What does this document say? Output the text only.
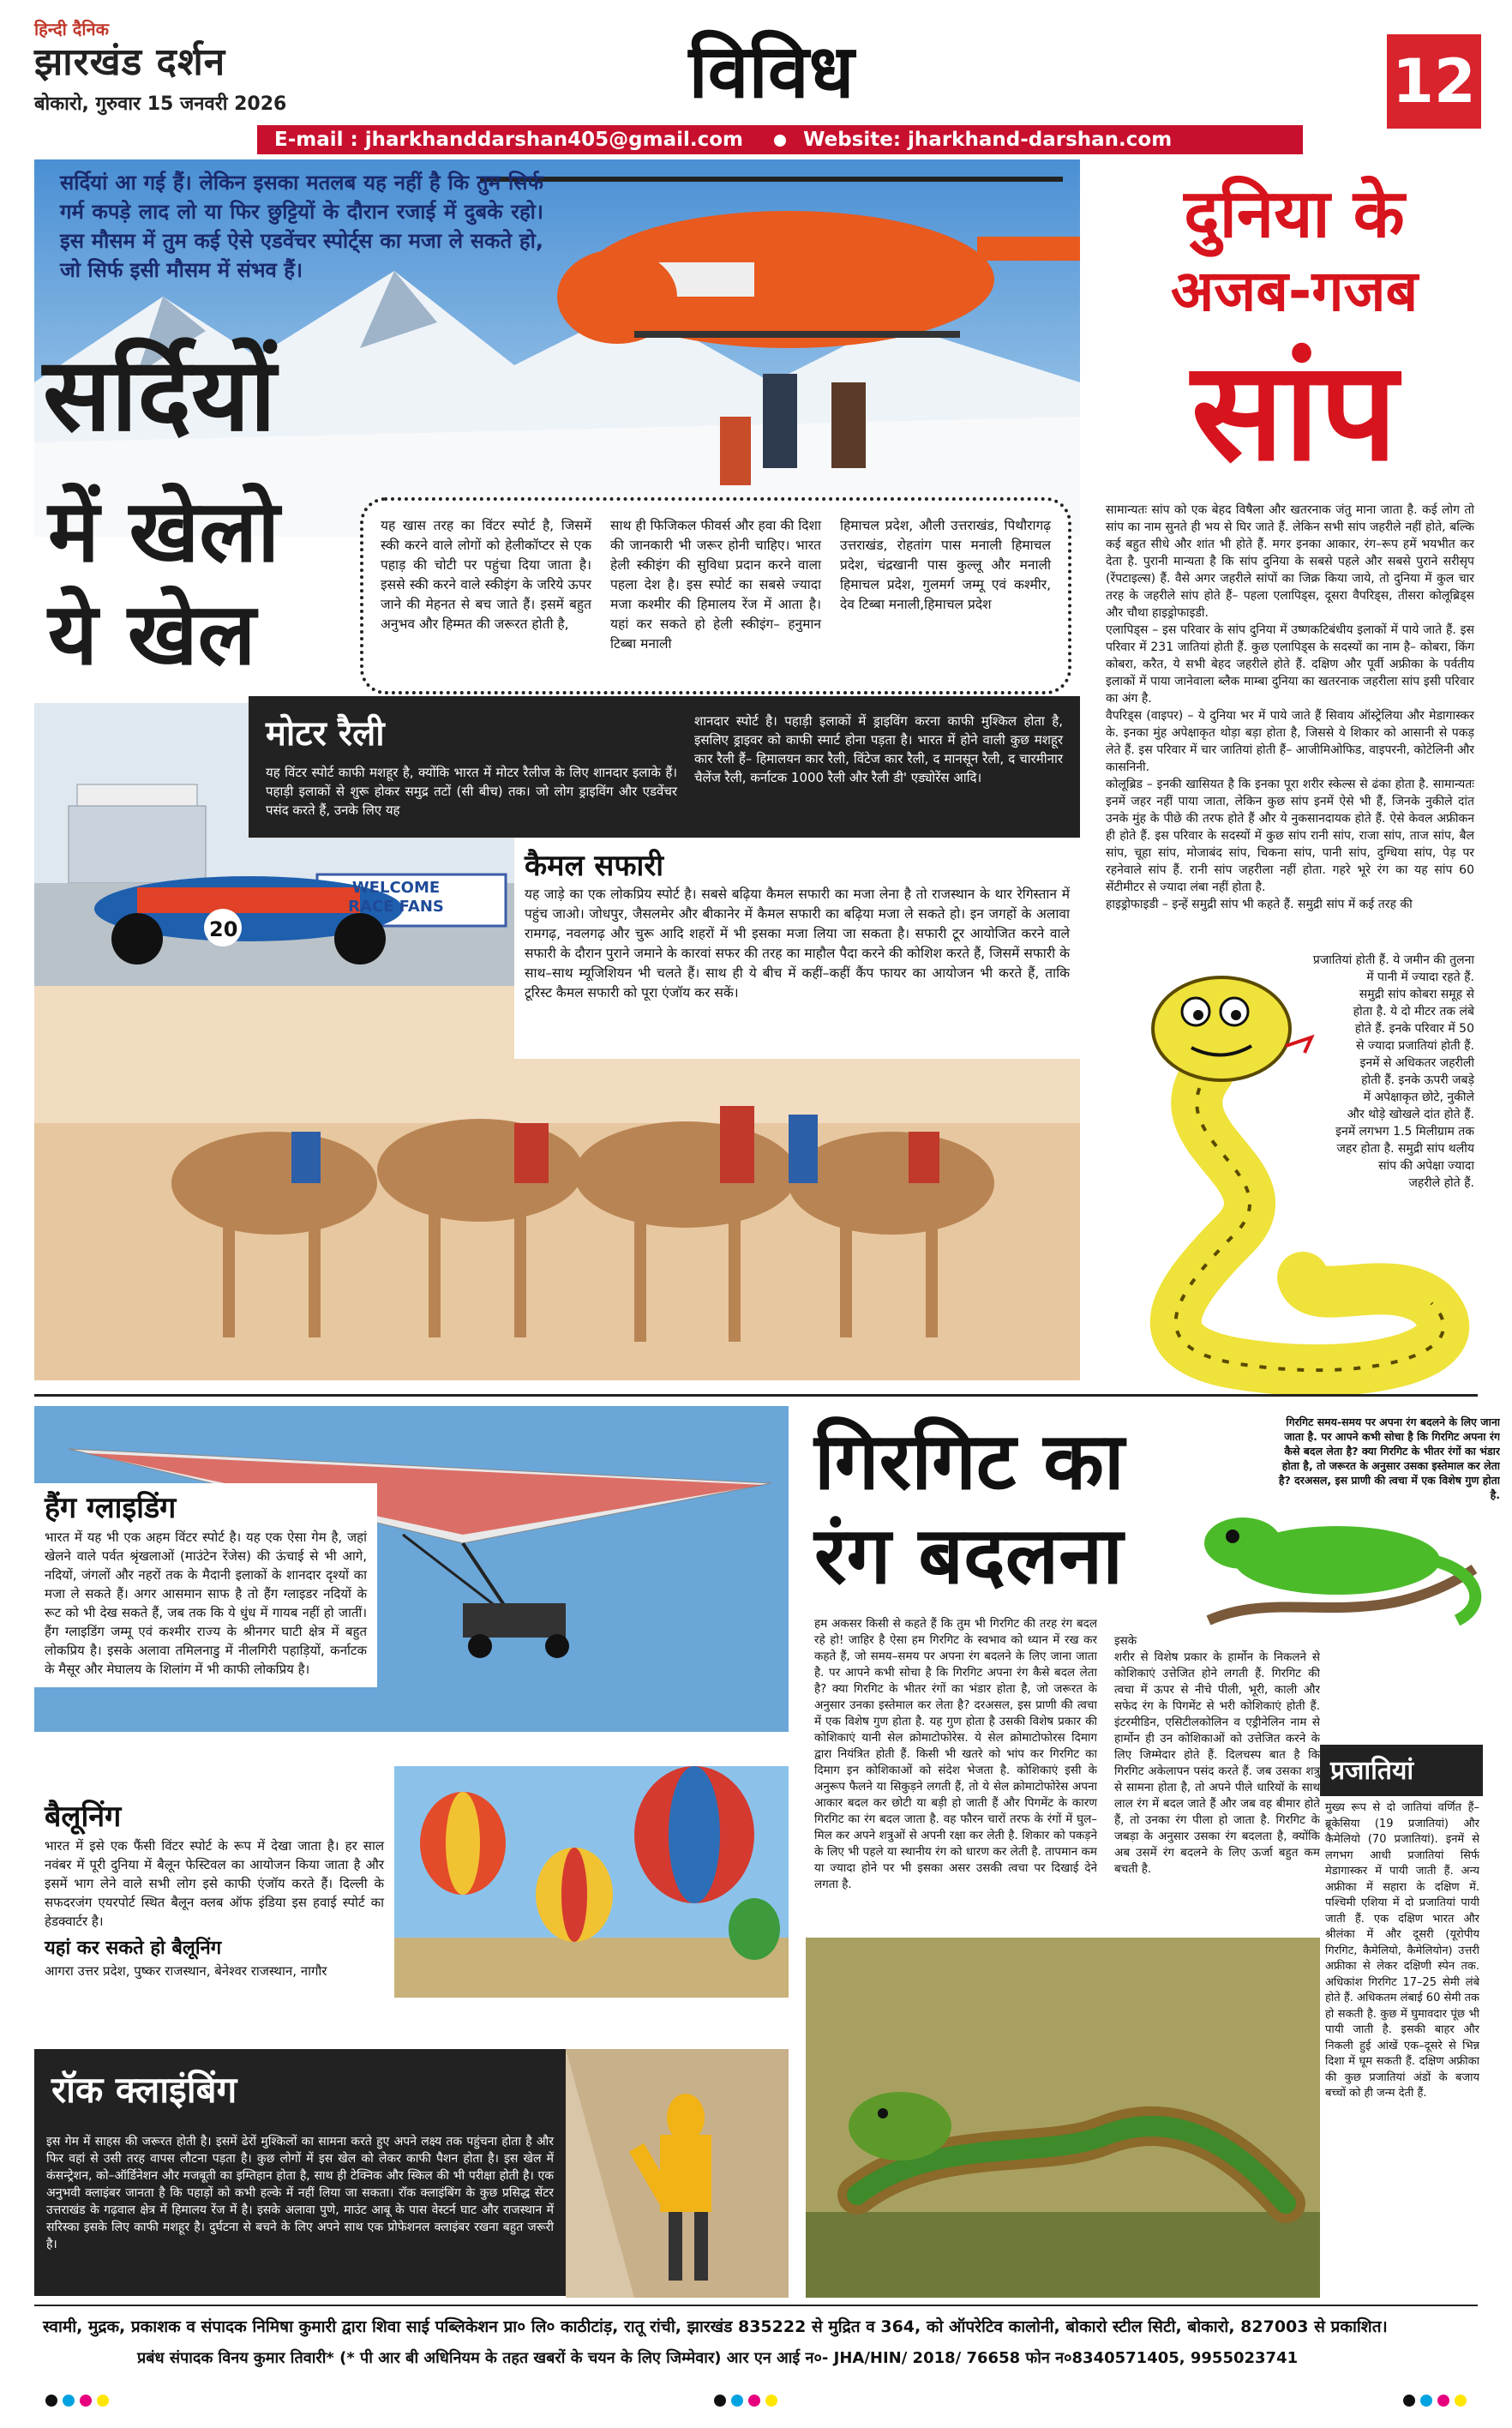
हिन्दी दैनिक
झारखंड दर्शन
बोकारो, गुरुवार 15 जनवरी 2026	विविध	12
E-mail : jharkhanddarshan405@gmail.com	Website: jharkhand-darshan.com

सर्दियां आ गई हैं। लेकिन इसका मतलब यह नहीं है कि तुम सिर्फ गर्म कपड़े लाद लो या फिर छुट्टियों के दौरान रजाई में दुबके रहो। इस मौसम में तुम कई ऐसे एडवेंचर स्पोर्ट्स का मजा ले सकते हो, जो सिर्फ इसी मौसम में संभव हैं।

सर्दियों
में खेलो
ये खेल

यह खास तरह का विंटर स्पोर्ट है, जिसमें स्की करने वाले लोगों को हेलीकॉप्टर से एक पहाड़ की चोटी पर पहुंचा दिया जाता है। इससे स्की करने वाले स्कीइंग के जरिये ऊपर जाने की मेहनत से बच जाते हैं। इसमें बहुत अनुभव और हिम्मत की जरूरत होती है,

साथ ही फिजिकल फीवर्स और हवा की दिशा की जानकारी भी जरूर होनी चाहिए। भारत हेली स्कीइंग की सुविधा प्रदान करने वाला पहला देश है। इस स्पोर्ट का सबसे ज्यादा मजा कश्मीर की हिमालय रेंज में आता है। यहां कर सकते हो हेली स्कीइंग– हनुमान टिब्बा मनाली

हिमाचल प्रदेश, औली उत्तराखंड, पिथौरागढ़ उत्तराखंड, रोहतांग पास मनाली हिमाचल प्रदेश, चंद्रखानी पास कुल्लू और मनाली हिमाचल प्रदेश, गुलमर्ग जम्मू एवं कश्मीर, देव टिब्बा मनाली,हिमाचल प्रदेश

WELCOME RACE FANS
20
मोटर रैली

यह विंटर स्पोर्ट काफी मशहूर है, क्योंकि भारत में मोटर रैलीज के लिए शानदार इलाके हैं। पहाड़ी इलाकों से शुरू होकर समुद्र तटों (सी बीच) तक। जो लोग ड्राइविंग और एडवेंचर पसंद करते हैं, उनके लिए यह

शानदार स्पोर्ट है। पहाड़ी इलाकों में ड्राइविंग करना काफी मुश्किल होता है, इसलिए ड्राइवर को काफी स्मार्ट होना पड़ता है। भारत में होने वाली कुछ मशहूर कार रैली हैं– हिमालयन कार रैली, विंटेज कार रैली, द मानसून रैली, द चारमीनार चैलेंज रैली, कर्नाटक 1000 रैली और रैली डी' एड्योरेंस आदि।

कैमल सफारी

यह जाड़े का एक लोकप्रिय स्पोर्ट है। सबसे बढ़िया कैमल सफारी का मजा लेना है तो राजस्थान के थार रेगिस्तान में पहुंच जाओ। जोधपुर, जैसलमेर और बीकानेर में कैमल सफारी का बढ़िया मजा ले सकते हो। इन जगहों के अलावा रामगढ़, नवलगढ़ और चुरू आदि शहरों में भी इसका मजा लिया जा सकता है। सफारी टूर आयोजित करने वाले सफारी के दौरान पुराने जमाने के कारवां सफर की तरह का माहौल पैदा करने की कोशिश करते हैं, जिसमें सफारी के साथ–साथ म्यूजिशियन भी चलते हैं। साथ ही ये बीच में कहीं–कहीं कैंप फायर का आयोजन भी करते हैं, ताकि टूरिस्ट कैमल सफारी को पूरा एंजॉय कर सकें।

दुनिया के
अजब-गजब
सांप

सामान्यतः सांप को एक बेहद विषैला और खतरनाक जंतु माना जाता है. कई लोग तो सांप का नाम सुनते ही भय से घिर जाते हैं. लेकिन सभी सांप जहरीले नहीं होते, बल्कि कई बहुत सीधे और शांत भी होते हैं. मगर इनका आकार, रंग–रूप हमें भयभीत कर देता है. पुरानी मान्यता है कि सांप दुनिया के सबसे पहले और सबसे पुराने सरीसृप (रेंपटाइल्स) हैं. वैसे अगर जहरीले सांपों का जिक्र किया जाये, तो दुनिया में कुल चार तरह के जहरीले सांप होते हैं– पहला एलापिड्स, दूसरा वैपरिड्स, तीसरा कोलूब्रिड्स और चौथा हाइड्रोफाइडी.

एलापिड्स – इस परिवार के सांप दुनिया में उष्णकटिबंधीय इलाकों में पाये जाते हैं. इस परिवार में 231 जातियां होती हैं. कुछ एलापिड्स के सदस्यों का नाम है– कोबरा, किंग कोबरा, करैत, ये सभी बेहद जहरीले होते हैं. दक्षिण और पूर्वी अफ्रीका के पर्वतीय इलाकों में पाया जानेवाला ब्लैक माम्बा दुनिया का खतरनाक जहरीला सांप इसी परिवार का अंग है.

वैपरिड्स (वाइपर) – ये दुनिया भर में पाये जाते हैं सिवाय ऑस्ट्रेलिया और मेडागास्कर के. इनका मुंह अपेक्षाकृत थोड़ा बड़ा होता है, जिससे ये शिकार को आसानी से पकड़ लेते हैं. इस परिवार में चार जातियां होती हैं– आजीमिओफिड, वाइपरनी, कोटेलिनी और कासनिनी.

कोलूब्रिड – इनकी खासियत है कि इनका पूरा शरीर स्केल्स से ढंका होता है. सामान्यतः इनमें जहर नहीं पाया जाता, लेकिन कुछ सांप इनमें ऐसे भी हैं, जिनके नुकीले दांत उनके मुंह के पीछे की तरफ होते हैं और ये नुकसानदायक होते हैं. ऐसे केवल अफ्रीकन ही होते हैं. इस परिवार के सदस्यों में कुछ सांप रानी सांप, राजा सांप, ताज सांप, बैल सांप, चूहा सांप, मोजाबंद सांप, चिकना सांप, पानी सांप, दुग्धिया सांप, पेड़ पर रहनेवाले सांप हैं. रानी सांप जहरीला नहीं होता. गहरे भूरे रंग का यह सांप 60 सेंटीमीटर से ज्यादा लंबा नहीं होता है.

हाइड्रोफाइडी – इन्हें समुद्री सांप भी कहते हैं. समुद्री सांप में कई तरह की

प्रजातियां होती हैं. ये जमीन की तुलना
में पानी में ज्यादा रहते हैं.
समुद्री सांप कोबरा समूह से
होता है. ये दो मीटर तक लंबे
होते हैं. इनके परिवार में 50
से ज्यादा प्रजातियां होती हैं.
इनमें से अधिकतर जहरीली
होती हैं. इनके ऊपरी जबड़े
में अपेक्षाकृत छोटे, नुकीले
और थोड़े खोखले दांत होते हैं.
इनमें लगभग 1.5 मिलीग्राम तक
जहर होता है. समुद्री सांप थलीय
सांप की अपेक्षा ज्यादा
जहरीले होते हैं.
हैंग ग्लाइडिंग

भारत में यह भी एक अहम विंटर स्पोर्ट है। यह एक ऐसा गेम है, जहां खेलने वाले पर्वत श्रृंखलाओं (माउंटेन रेंजेस) की ऊंचाई से भी आगे, नदियों, जंगलों और नहरों तक के मैदानी इलाकों के शानदार दृश्यों का मजा ले सकते हैं। अगर आसमान साफ है तो हैंग ग्लाइडर नदियों के रूट को भी देख सकते हैं, जब तक कि ये धुंध में गायब नहीं हो जातीं। हैंग ग्लाइडिंग जम्मू एवं कश्मीर राज्य के श्रीनगर घाटी क्षेत्र में बहुत लोकप्रिय है। इसके अलावा तमिलनाडु में नीलगिरी पहाड़ियों, कर्नाटक के मैसूर और मेघालय के शिलांग में भी काफी लोकप्रिय है।

बैलूनिंग

भारत में इसे एक फैंसी विंटर स्पोर्ट के रूप में देखा जाता है। हर साल नवंबर में पूरी दुनिया में बैलून फेस्टिवल का आयोजन किया जाता है और इसमें भाग लेने वाले सभी लोग इसे काफी एंजॉय करते हैं। दिल्ली के सफदरजंग एयरपोर्ट स्थित बैलून क्लब ऑफ इंडिया इस हवाई स्पोर्ट का हेडक्वार्टर है।

यहां कर सकते हो बैलूनिंग

आगरा उत्तर प्रदेश, पुष्कर राजस्थान, बेनेश्वर राजस्थान, नागौर

रॉक क्लाइंबिंग

इस गेम में साहस की जरूरत होती है। इसमें ढेरों मुश्किलों का सामना करते हुए अपने लक्ष्य तक पहुंचना होता है और फिर वहां से उसी तरह वापस लौटना पड़ता है। कुछ लोगों में इस खेल को लेकर काफी पैशन होता है। इस खेल में कंसन्ट्रेशन, को–ऑर्डिनेशन और मजबूती का इम्तिहान होता है, साथ ही टेक्निक और स्किल की भी परीक्षा होती है। एक अनुभवी क्लाइंबर जानता है कि पहाड़ों को कभी हल्के में नहीं लिया जा सकता। रॉक क्लाइंबिंग के कुछ प्रसिद्ध सेंटर उत्तराखंड के गढ़वाल क्षेत्र में हिमालय रेंज में है। इसके अलावा पुणे, माउंट आबू के पास वेस्टर्न घाट और राजस्थान में सरिस्का इसके लिए काफी मशहूर है। दुर्घटना से बचने के लिए अपने साथ एक प्रोफेशनल क्लाइंबर रखना बहुत जरूरी है।

गिरगिट का
रंग बदलना

गिरगिट समय-समय पर अपना रंग बदलने के लिए जाना जाता है. पर आपने कभी सोचा है कि गिरगिट अपना रंग कैसे बदल लेता है? क्या गिरगिट के भीतर रंगों का भंडार होता है, तो जरूरत के अनुसार उसका इस्तेमाल कर लेता है? दरअसल, इस प्राणी की त्वचा में एक विशेष गुण होता है.

हम अकसर किसी से कहते हैं कि तुम भी गिरगिट की तरह रंग बदल रहे हो! जाहिर है ऐसा हम गिरगिट के स्वभाव को ध्यान में रख कर कहते हैं, जो समय–समय पर अपना रंग बदलने के लिए जाना जाता है. पर आपने कभी सोचा है कि गिरगिट अपना रंग कैसे बदल लेता है? क्या गिरगिट के भीतर रंगों का भंडार होता है, जो जरूरत के अनुसार उनका इस्तेमाल कर लेता है? दरअसल, इस प्राणी की त्वचा में एक विशेष गुण होता है. यह गुण होता है उसकी विशेष प्रकार की कोशिकाएं यानी सेल क्रोमाटोफोरेस. ये सेल क्रोमाटोफोरस दिमाग द्वारा नियंत्रित होती हैं. किसी भी खतरे को भांप कर गिरगिट का दिमाग इन कोशिकाओं को संदेश भेजता है. कोशिकाएं इसी के अनुरूप फैलने या सिकुड़ने लगती हैं, तो ये सेल क्रोमाटोफोरेस अपना आकार बदल कर छोटी या बड़ी हो जाती हैं और पिगमेंट के कारण गिरगिट का रंग बदल जाता है. वह फौरन चारों तरफ के रंगों में घुल–मिल कर अपने शत्रुओं से अपनी रक्षा कर लेती है. शिकार को पकड़ने के लिए भी पहले या स्थानीय रंग को धारण कर लेती है. तापमान कम या ज्यादा होने पर भी इसका असर उसकी त्वचा पर दिखाई देने लगता है.

इसके

शरीर से विशेष प्रकार के हार्मोन के निकलने से कोशिकाएं उत्तेजित होने लगती हैं. गिरगिट की त्वचा में ऊपर से नीचे पीली, भूरी, काली और सफेद रंग के पिगमेंट से भरी कोशिकाएं होती हैं. इंटरमीडिन, एसिटीलकोलिन व एड्रीनेलिन नाम से हार्मोन ही उन कोशिकाओं को उत्तेजित करने के लिए जिम्मेदार होते हैं. दिलचस्प बात है कि गिरगिट अकेलापन पसंद करते हैं. जब उसका शत्रु से सामना होता है, तो अपने पीले धारियों के साथ लाल रंग में बदल जाते हैं और जब वह बीमार होते हैं, तो उनका रंग पीला हो जाता है. गिरगिट के जबड़ा के अनुसार उसका रंग बदलता है, क्योंकि अब उसमें रंग बदलने के लिए ऊर्जा बहुत कम बचती है.

प्रजातियां

मुख्य रूप से दो जातियां वर्णित हैं– ब्रूकेसिया (19 प्रजातियां) और कैमेलियो (70 प्रजातियां). इनमें से लगभग आधी प्रजातियां सिर्फ मेडागास्कर में पायी जाती हैं. अन्य अफ्रीका में सहारा के दक्षिण में. पश्चिमी एशिया में दो प्रजातियां पायी जाती हैं. एक दक्षिण भारत और श्रीलंका में और दूसरी (यूरोपीय गिरगिट, कैमेलियो, कैमेलियोन) उत्तरी अफ्रीका से लेकर दक्षिणी स्पेन तक. अधिकांश गिरगिट 17–25 सेमी लंबे होते हैं. अधिकतम लंबाई 60 सेमी तक हो सकती है. कुछ में घुमावदार पूंछ भी पायी जाती है. इसकी बाहर और निकली हुई आंखें एक–दूसरे से भिन्न दिशा में घूम सकती हैं. दक्षिण अफ्रीका की कुछ प्रजातियां अंडों के बजाय बच्चों को ही जन्म देती हैं.

स्वामी, मुद्रक, प्रकाशक व संपादक निमिषा कुमारी द्वारा शिवा साई पब्लिकेशन प्रा० लि० काठीटांड़, रातू रांची, झारखंड 835222 से मुद्रित व 364, को ऑपरेटिव कालोनी, बोकारो स्टील सिटी, बोकारो, 827003 से प्रकाशित।
प्रबंध संपादक विनय कुमार तिवारी* (* पी आर बी अधिनियम के तहत खबरों के चयन के लिए जिम्मेवार) आर एन आई न०- JHA/HIN/ 2018/ 76658 फोन न०8340571405, 9955023741
